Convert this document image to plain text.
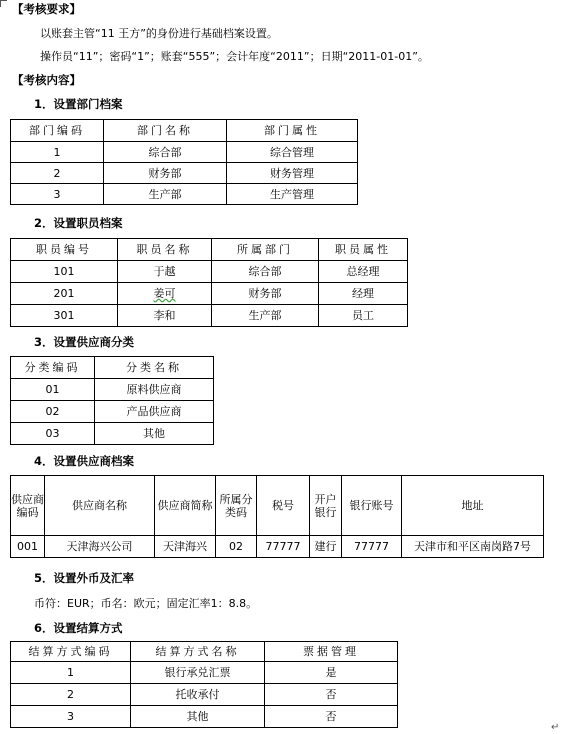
【考核要求】
以账套主管“11 王方”的身份进行基础档案设置。
操作员“11”；密码“1”；账套“555”；会计年度“2011”；日期“2011-01-01”。
【考核内容】
1．设置部门档案
部门编码	部门名称	部门属性
1	综合部	综合管理
2	财务部	财务管理
3	生产部	生产管理
2．设置职员档案
职员编号	职员名称	所属部门	职员属性
101	于越	综合部	总经理
201	姜可	财务部	经理
301	李和	生产部	员工
3．设置供应商分类
分类编码	分类名称
01	原料供应商
02	产品供应商
03	其他
4．设置供应商档案
供应商编码	供应商名称	供应商简称	所属分类码	税号	开户银行	银行账号	地址
001	天津海兴公司	天津海兴	02	77777	建行	77777	天津市和平区南岗路7号
5．设置外币及汇率
币符：EUR；币名：欧元；固定汇率1：8.8。
6．设置结算方式
结算方式编码	结算方式名称	票据管理
1	银行承兑汇票	是
2	托收承付	否
3	其他	否
↵
